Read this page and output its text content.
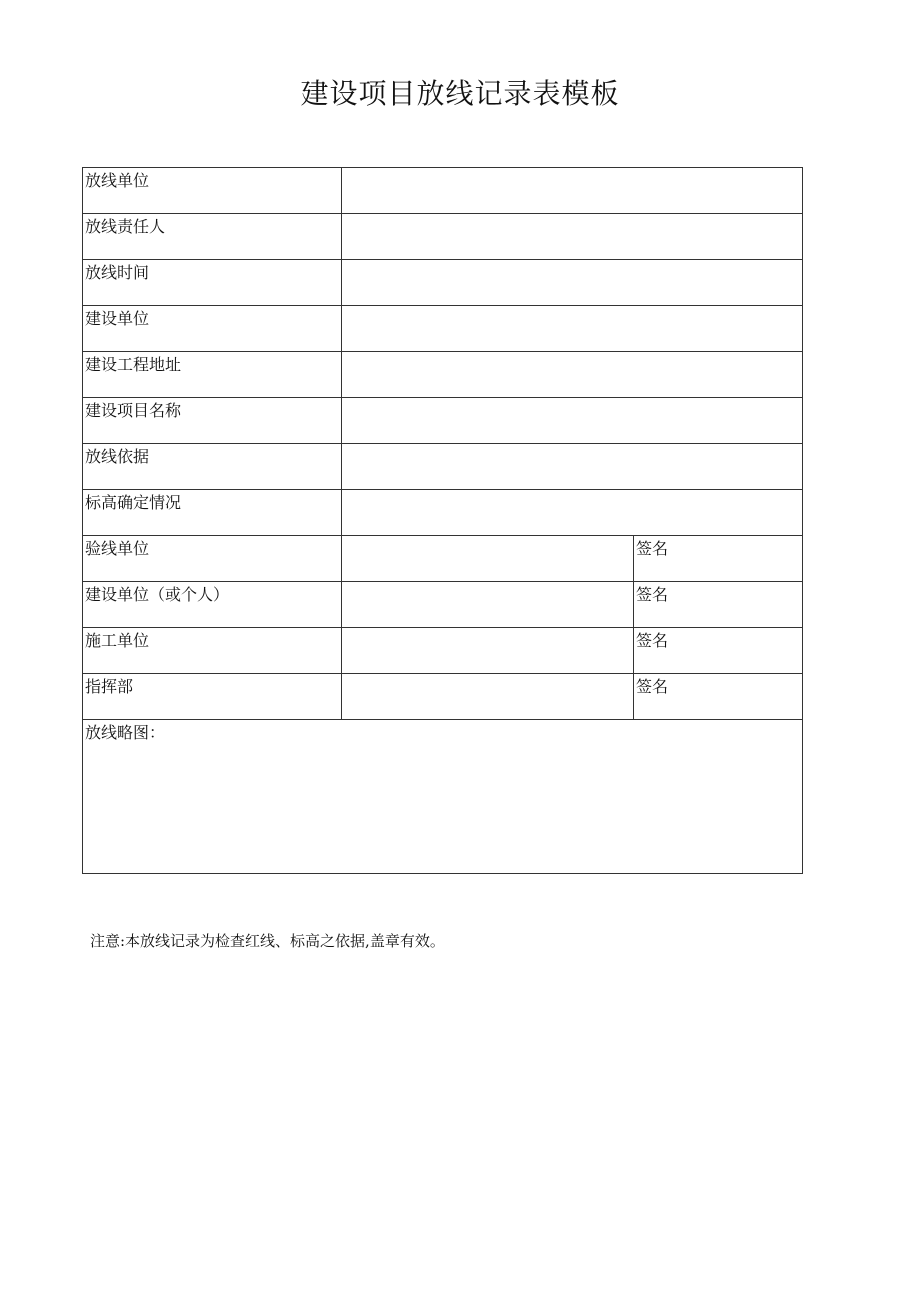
建设项目放线记录表模板
放线单位		
放线责任人		
放线时间		
建设单位		
建设工程地址		
建设项目名称		
放线依据		
标高确定情况		
验线单位		签名
建设单位（或个人）		签名
施工单位		签名
指挥部		签名
放线略图：		
注意:本放线记录为检查红线、标高之依据,盖章有效。
